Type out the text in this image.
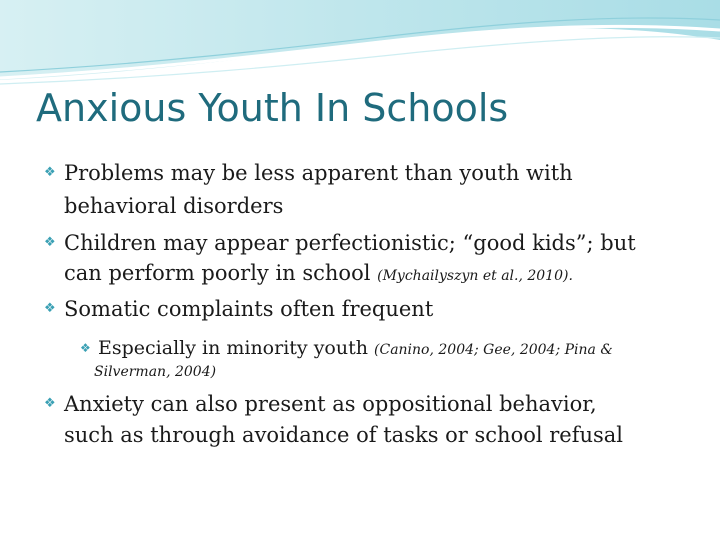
Anxious Youth In Schools
❖ Problems may be less apparent than youth with
behavioral disorders
❖ Children may appear perfectionistic; “good kids”; but
can perform poorly in school (Mychailyszyn et al., 2010).
❖ Somatic complaints often frequent
❖ Especially in minority youth (Canino, 2004; Gee, 2004; Pina &
Silverman, 2004)
❖ Anxiety can also present as oppositional behavior,
such as through avoidance of tasks or school refusal
